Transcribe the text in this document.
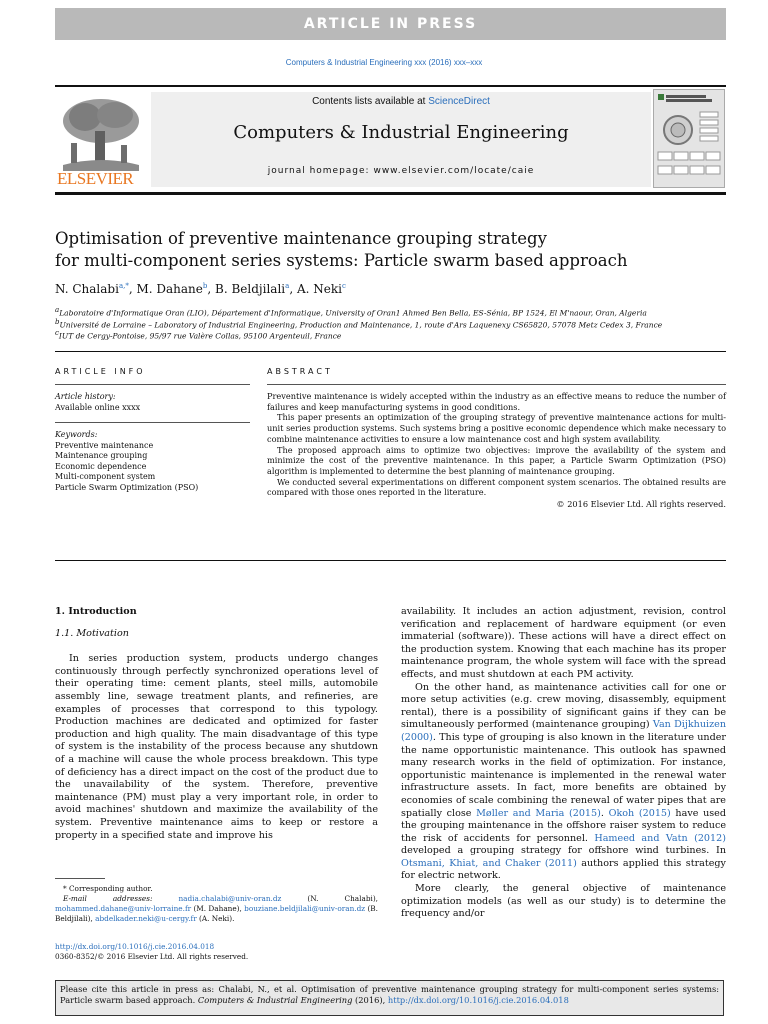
ARTICLE IN PRESS
Computers & Industrial Engineering xxx (2016) xxx–xxx
ELSEVIER
Contents lists available at ScienceDirect
Computers & Industrial Engineering
journal homepage: www.elsevier.com/locate/caie
Optimisation of preventive maintenance grouping strategy
for multi-component series systems: Particle swarm based approach
N. Chalabi$^{a,*}$, M. Dahane$^b$, B. Beldjilali$^a$, A. Neki$^c$
$^a$Laboratoire d'Informatique Oran (LIO), Département d'Informatique, University of Oran1 Ahmed Ben Bella, ES-Sénia, BP 1524, El M'naour, Oran, Algeria
$^b$Université de Lorraine – Laboratory of Industrial Engineering, Production and Maintenance, 1, route d'Ars Laquenexy CS65820, 57078 Metz Cedex 3, France
$^c$IUT de Cergy-Pontoise, 95/97 rue Valère Collas, 95100 Argenteuil, France
ARTICLE INFO	ABSTRACT
Article history:
Available online xxxx
Keywords:
Preventive maintenance
Maintenance grouping
Economic dependence
Multi-component system
Particle Swarm Optimization (PSO)

Preventive maintenance is widely accepted within the industry as an effective means to reduce the number of failures and keep manufacturing systems in good conditions.

This paper presents an optimization of the grouping strategy of preventive maintenance actions for multi-unit series production systems. Such systems bring a positive economic dependence which make necessary to combine maintenance activities to ensure a low maintenance cost and high system availability.

The proposed approach aims to optimize two objectives: improve the availability of the system and minimize the cost of the preventive maintenance. In this paper, a Particle Swarm Optimization (PSO) algorithm is implemented to determine the best planning of maintenance grouping.

We conducted several experimentations on different component system scenarios. The obtained results are compared with those ones reported in the literature.

© 2016 Elsevier Ltd. All rights reserved.
1. Introduction
1.1. Motivation

In series production system, products undergo changes continuously through perfectly synchronized operations level of their operating time: cement plants, steel mills, automobile assembly line, sewage treatment plants, and refineries, are examples of processes that correspond to this typology. Production machines are dedicated and optimized for faster production and high quality. The main disadvantage of this type of system is the instability of the process because any shutdown of a machine will cause the whole process breakdown. This type of deficiency has a direct impact on the cost of the product due to the unavailability of the system. Therefore, preventive maintenance (PM) must play a very important role, in order to avoid machines' shutdown and maximize the availability of the system. Preventive maintenance aims to keep or restore a property in a specified state and improve his

availability. It includes an action adjustment, revision, control verification and replacement of hardware equipment (or even immaterial (software)). These actions will have a direct effect on the production system. Knowing that each machine has its proper maintenance program, the whole system will face with the spread effects, and must shutdown at each PM activity.

On the other hand, as maintenance activities call for one or more setup activities (e.g. crew moving, disassembly, equipment rental), there is a possibility of significant gains if they can be simultaneously performed (maintenance grouping) Van Dijkhuizen (2000). This type of grouping is also known in the literature under the name opportunistic maintenance. This outlook has spawned many research works in the field of optimization. For instance, opportunistic maintenance is implemented in the renewal water infrastructure assets. In fact, more benefits are obtained by economies of scale combining the renewal of water pipes that are spatially close Møller and Maria (2015). Okoh (2015) have used the grouping maintenance in the offshore raiser system to reduce the risk of accidents for personnel. Hameed and Vatn (2012) developed a grouping strategy for offshore wind turbines. In Otsmani, Khiat, and Chaker (2011) authors applied this strategy for electric network.

More clearly, the general objective of maintenance optimization models (as well as our study) is to determine the frequency and/or

* Corresponding author.
E-mail addresses:	nadia.chalabi@univ-oran.dz (N. Chalabi), mohammed.dahane@univ-lorraine.fr (M. Dahane), bouziane.beldjilali@univ-oran.dz (B. Beldjilali), abdelkader.neki@u-cergy.fr (A. Neki).
http://dx.doi.org/10.1016/j.cie.2016.04.018
0360-8352/© 2016 Elsevier Ltd. All rights reserved.
Please cite this article in press as: Chalabi, N., et al. Optimisation of preventive maintenance grouping strategy for multi-component series systems: Particle swarm based approach. Computers & Industrial Engineering (2016), http://dx.doi.org/10.1016/j.cie.2016.04.018
